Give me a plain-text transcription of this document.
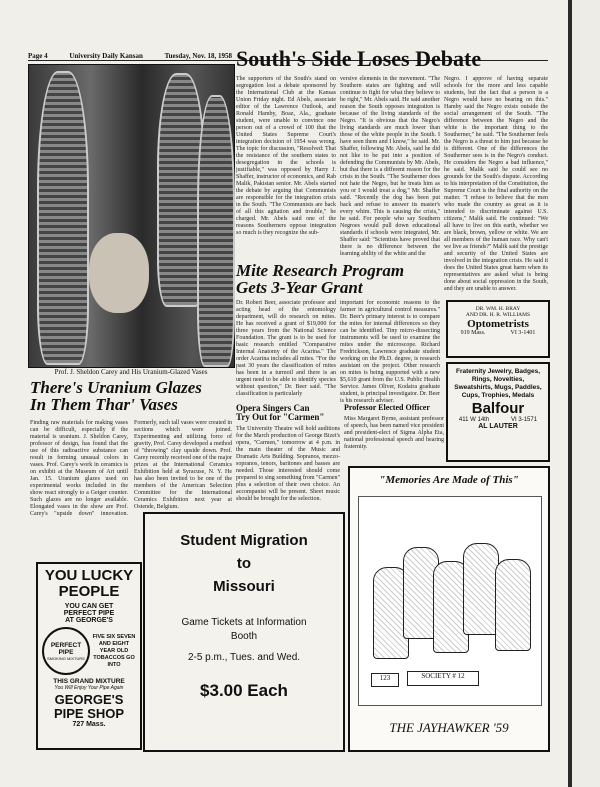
Page 4	University Daily Kansan	Tuesday, Nov. 18, 1958
Prof. J. Sheldon Carey and His Uranium-Glazed Vases
There's Uranium Glazes
In Them Thar' Vases
Finding raw materials for making vases can be difficult, especially if the material is uranium. J. Sheldon Carey, professor of design, has found that the use of this radioactive substance can result in forming unusual colors in vases. Prof. Carey's work in ceramics is on exhibit at the Museum of Art until Jan. 15. Uranium glazes used on experimental works included in the show react strongly to a Geiger counter. Such glazes are no longer available. Elongated vases in the show are Prof. Carey's "upside down" innovation. Formerly, such tall vases were created in sections which were joined. Experimenting and utilizing force of gravity, Prof. Carey developed a method of "throwing" clay upside down. Prof. Carey recently received one of the major prizes at the International Ceramics Exhibition held at Syracuse, N. Y. He has also been invited to be one of the members of the American Selection Committee for the International Ceramics Exhibition next year at Ostende, Belgium.
South's Side Loses Debate
The supporters of the South's stand on segregation lost a debate sponsored by the International Club at the Kansas Union Friday night. Ed Abels, associate editor of the Lawrence Outlook, and Ronald Hamby, Boaz, Ala., graduate student, were unable to convince one person out of a crowd of 100 that the United States Supreme Court's integration decision of 1954 was wrong. The topic for discussion, "Resolved: That the resistance of the southern states to desegregation in the schools is justifiable," was opposed by Harry J. Shaffer, instructor of economics, and Rab Malik, Pakistan senior. Mr. Abels started the debate by arguing that Communists are responsible for the integration crisis in the South. "The Communists are back of all this agitation and trouble," he charged. Mr. Abels said one of the reasons Southerners oppose integration so much is they recognize the sub-
versive elements in the movement. "The Southern states are fighting and will continue to fight for what they believe to be right," Mr. Abels said. He said another reason the South opposes integration is because of the living standards of the Negro. "It is obvious that the Negro's living standards are much lower than those of the white people in the South. I have seen them and I know," he said. Mr. Shaffer, following Mr. Abels, said he did not like to be put into a position of defending the Communists by Mr. Abels, but that there is a different reason for the crisis in the South. "The Southerner does not hate the Negro, but he treats him as you or I would treat a dog," Mr. Shaffer said. "Recently the dog has been put back and refuse to answer its master's every whim. This is causing the crisis," he said. For people who say Southern Negroes would pull down educational standards if schools were integrated, Mr. Shaffer said: "Scientists have proved that there is no difference between the learning ability of the white and the
Negro. I approve of having separate schools for the more and less capable students, but the fact that a person is a Negro would have no bearing on this." Hamby said the Negro exists outside the social arrangement of the South. "The difference between the Negro and the white is the important thing to the Southerner," he said. "The Southerner feels the Negro is a threat to him just because he is different. One of the differences the Southerner sees is in the Negro's conduct. He considers the Negro a bad influence," he said. Malik said he could see no grounds for the South's dispute. According to his interpretation of the Constitution, the Supreme Court is the final authority on the matter. "I refuse to believe that the men who made the country as great as it is intended to discriminate against U.S. citizens," Malik said. He continued: "We all have to live on this earth, whether we are black, brown, yellow or white. We are all members of the human race. Why can't we live as friends?" Malik said the prestige and security of the United States are involved in the integration crisis. He said it does the United States great harm when its representatives are asked what is being done about social oppression in the South, and they are unable to answer.
Mite Research Program
Gets 3-Year Grant
Dr. Robert Beer, associate professor and acting head of the entomology department, will do research on mites. He has received a grant of $19,000 for three years from the National Science Foundation. The grant is to be used for basic research entitled "Comparative Internal Anatomy of the Acarina." The order Acarina includes all mites. "For the past 30 years the classification of mites has been in a turmoil and there is an urgent need to be able to identify species without question," Dr. Beer said. "The classification is particularly
important for economic reasons to the farmer in agricultural control measures." Dr. Beer's primary interest is to compare the mites for internal differences so they can be identified. Tiny micro-dissecting instruments will be used to examine the mites under the microscope. Richard Fredrickson, Lawrence graduate student working on the Ph.D. degree, is research assistant on the project. Other research on mites is being supported with a new $5,610 grant from the U.S. Public Health Service. James Oliver, Kodaira graduate student, is principal investigator. Dr. Beer is his research adviser.
DR. WM. H. BRAY
AND DR. H. R. WILLIAMS
Optometrists
919 Mass.	VI 3-1401
Fraternity Jewelry, Badges, Rings, Novelties, Sweatshirts, Mugs, Paddles, Cups, Trophies, Medals
Balfour
411 W 14th	VI 3-1571
AL LAUTER
Opera Singers Can
Try Out for "Carmen"
The University Theatre will hold auditions for the March production of George Bizet's opera, "Carmen," tomorrow at 4 p.m. in the main theater of the Music and Dramatic Arts Building. Sopranos, mezzo-sopranos, tenors, baritones and basses are needed. Those interested should come prepared to sing something from "Carmen" plus a selection of their own choice. An accompanist will be present. Sheet music should be brought for the selection.
Professor Elected Officer
Miss Margaret Byrne, assistant professor of speech, has been named vice president and president-elect of Sigma Alpha Eta, national professional speech and hearing fraternity.
YOU LUCKY
PEOPLE
YOU CAN GET
PERFECT PIPE
AT GEORGE'S
PERFECT
PIPE
SMOKING MIXTURE
FIVE SIX SEVEN AND EIGHT YEAR OLD TOBACCOS GO INTO
THIS GRAND MIXTURE
You Will Enjoy Your Pipe Again
GEORGE'S
PIPE SHOP
727 Mass.
Student Migration
to
Missouri
Game Tickets at Information
Booth
2-5 p.m., Tues. and Wed.
$3.00 Each
"Memories Are Made of This"
123	SOCIETY # 12
THE JAYHAWKER '59
